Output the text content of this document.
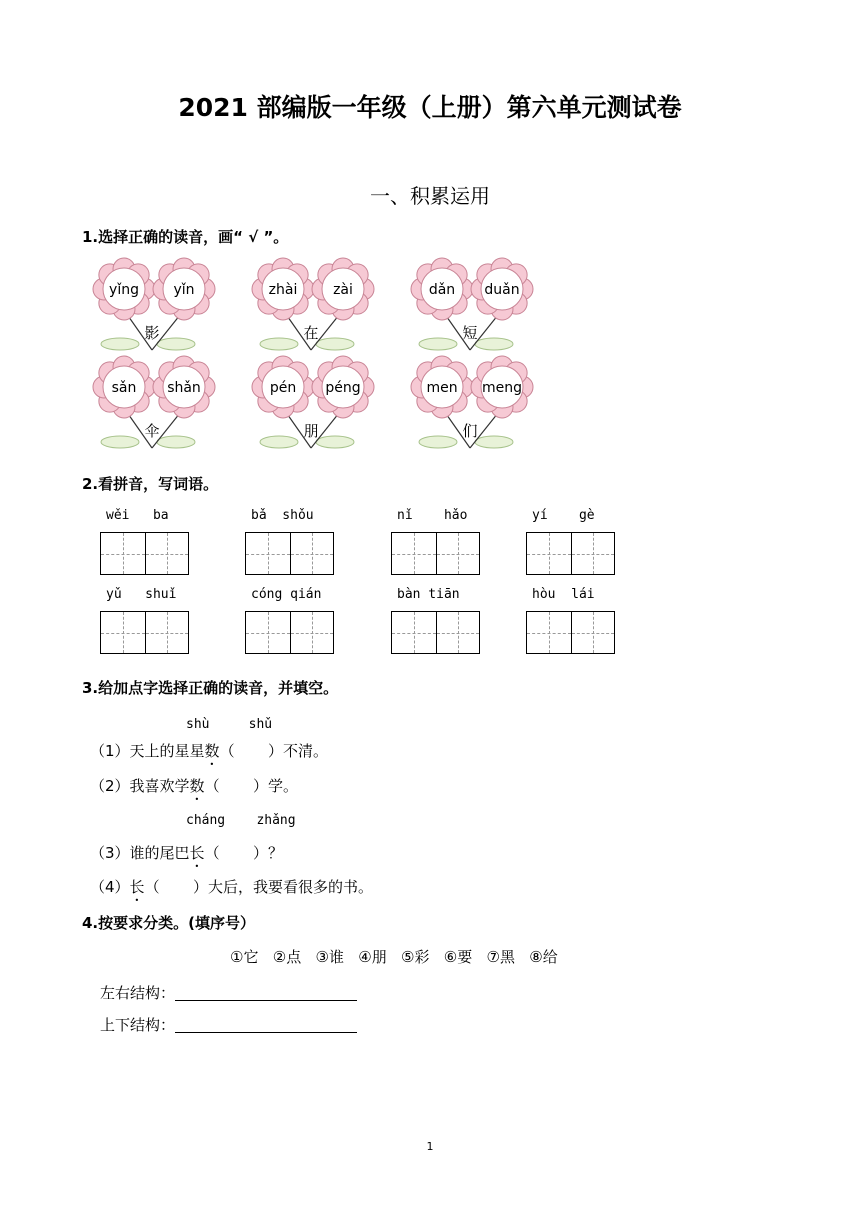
2021 部编版一年级（上册）第六单元测试卷
一、积累运用
1.选择正确的读音，画“ √ ”。
yǐng yǐn
影
zhài	zài
在
dǎn duǎn
短
sǎn shǎn
伞
pén péng
朋
men meng
们
2.看拼音，写词语。
wěi   ba	bǎ  shǒu	nǐ    hǎo	yí    gè
yǔ   shuǐ	cóng qián	bàn tiān	hòu  lái
3.给加点字选择正确的读音，并填空。
shù     shǔ
（1）天上的星星数（       ）不清。
（2）我喜欢学数（       ）学。
cháng    zhǎng
（3）谁的尾巴长（       ）？
（4）长（       ）大后，我要看很多的书。
4.按要求分类。(填序号）
①它   ②点   ③谁   ④朋   ⑤彩   ⑥要   ⑦黑   ⑧给
左右结构：
上下结构：
1
